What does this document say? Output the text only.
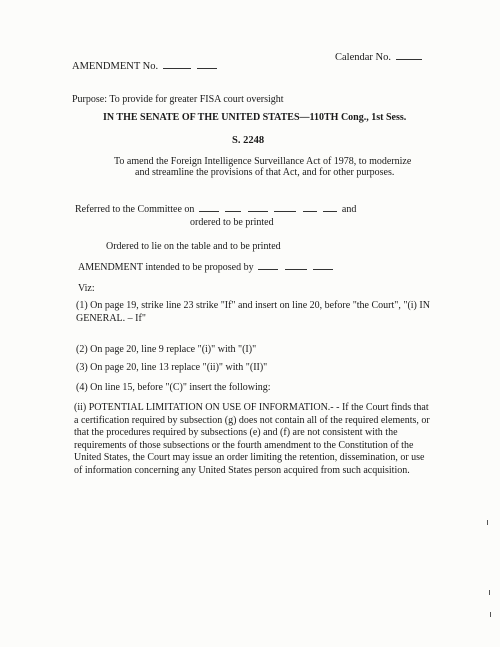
AMENDMENT No.
Calendar No.
Purpose: To provide for greater FISA court oversight
IN THE SENATE OF THE UNITED STATES—110TH Cong., 1st Sess.
S. 2248
To amend the Foreign Intelligence Surveillance Act of 1978, to modernize
and streamline the provisions of that Act, and for other purposes.
Referred to the Committee on	and
ordered to be printed
Ordered to lie on the table and to be printed
AMENDMENT intended to be proposed by
Viz:
(1) On page 19, strike line 23 strike "If" and insert on line 20, before "the Court", "(i) IN
GENERAL. – If"
(2) On page 20, line 9 replace "(i)" with "(I)"
(3) On page 20, line 13 replace "(ii)" with "(II)"
(4) On line 15, before "(C)" insert the following:
(ii) POTENTIAL LIMITATION ON USE OF INFORMATION.- - If the Court finds that
a certification required by subsection (g) does not contain all of the required elements, or
that the procedures required by subsections (e) and (f) are not consistent with the
requirements of those subsections or the fourth amendment to the Constitution of the
United States, the Court may issue an order limiting the retention, dissemination, or use
of information concerning any United States person acquired from such acquisition.
